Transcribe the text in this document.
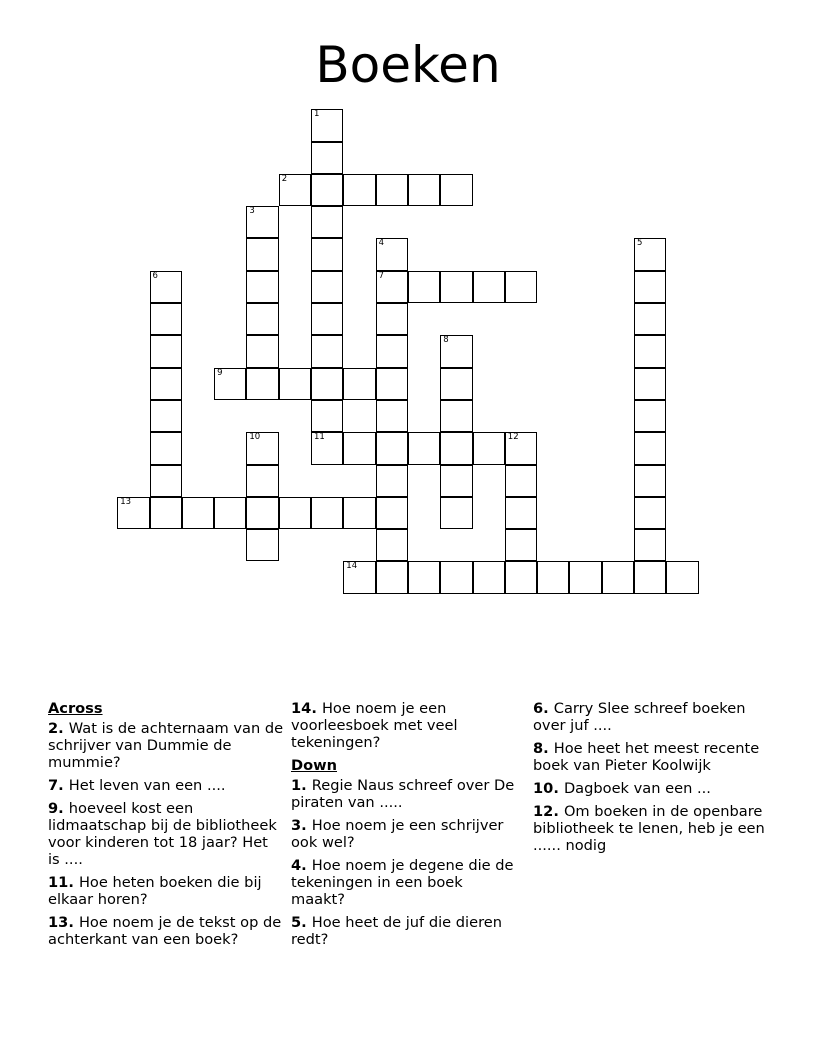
Boeken
1
2
3
4
7
5
6
8
9
10	11	12
13
14
Across
2. Wat is de achternaam van de schrijver van Dummie de mummie?
7. Het leven van een ....
9. hoeveel kost een lidmaatschap bij de bibliotheek voor kinderen tot 18 jaar? Het is ....
11. Hoe heten boeken die bij elkaar horen?
13. Hoe noem je de tekst op de achterkant van een boek?
14. Hoe noem je een voorleesboek met veel tekeningen?
Down
1. Regie Naus schreef over De piraten van .....
3. Hoe noem je een schrijver ook wel?
4. Hoe noem je degene die de tekeningen in een boek maakt?
5. Hoe heet de juf die dieren redt?
6. Carry Slee schreef boeken over juf ....
8. Hoe heet het meest recente boek van Pieter Koolwijk
10. Dagboek van een ...
12. Om boeken in de openbare bibliotheek te lenen, heb je een ...... nodig
